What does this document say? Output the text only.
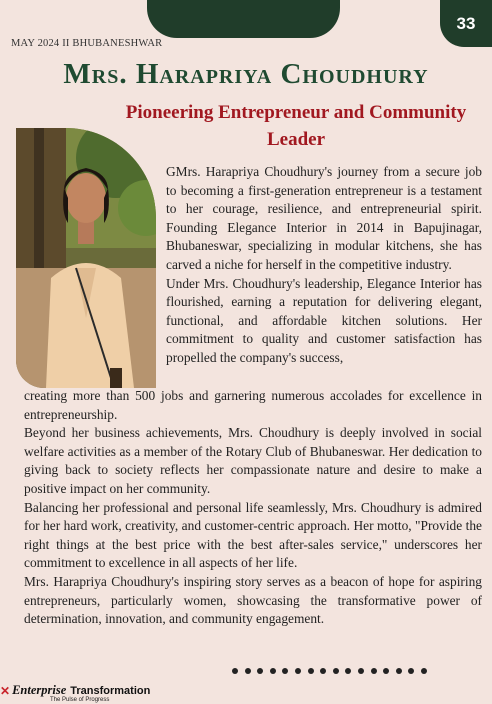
33
MAY 2024 II BHUBANESHWAR
Mrs. Harapriya Choudhury
Pioneering Entrepreneur and Community Leader

GMrs. Harapriya Choudhury's journey from a secure job to becoming a first-generation entrepreneur is a testament to her courage, resilience, and entrepreneurial spirit. Founding Elegance Interior in 2014 in Bapujinagar, Bhubaneswar, specializing in modular kitchens, she has carved a niche for herself in the competitive industry.

Under Mrs. Choudhury's leadership, Elegance Interior has flourished, earning a reputation for delivering elegant, functional, and affordable kitchen solutions. Her commitment to quality and customer satisfaction has propelled the company's success,

creating more than 500 jobs and garnering numerous accolades for excellence in entrepreneurship.

Beyond her business achievements, Mrs. Choudhury is deeply involved in social welfare activities as a member of the Rotary Club of Bhubaneswar. Her dedication to giving back to society reflects her compassionate nature and desire to make a positive impact on her community.

Balancing her professional and personal life seamlessly, Mrs. Choudhury is admired for her hard work, creativity, and customer-centric approach. Her motto, "Provide the right things at the best price with the best after-sales service," underscores her commitment to excellence in all aspects of her life.

Mrs. Harapriya Choudhury's inspiring story serves as a beacon of hope for aspiring entrepreneurs, particularly women, showcasing the transformative power of determination, innovation, and community engagement.

✕ Enterprise Transformation
The Pulse of Progress
